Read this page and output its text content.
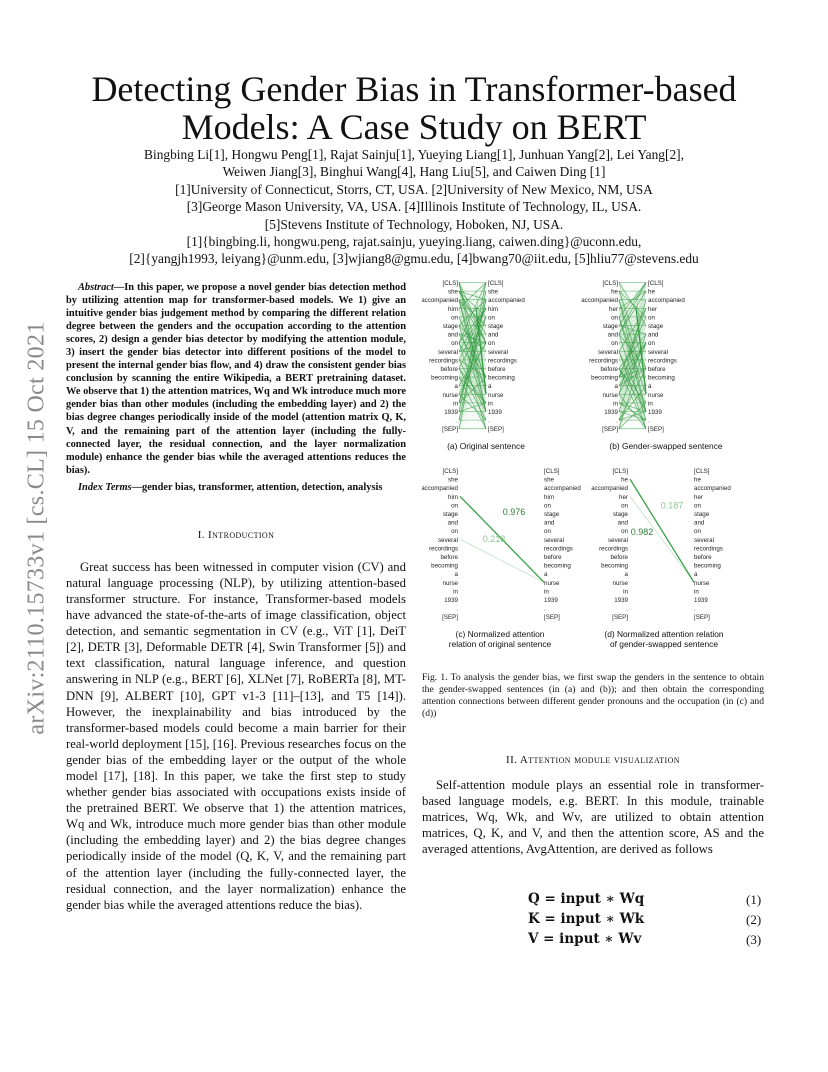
arXiv:2110.15733v1 [cs.CL] 15 Oct 2021
Detecting Gender Bias in Transformer-based
Models: A Case Study on BERT
Bingbing Li[1], Hongwu Peng[1], Rajat Sainju[1], Yueying Liang[1], Junhuan Yang[2], Lei Yang[2],
Weiwen Jiang[3], Binghui Wang[4], Hang Liu[5], and Caiwen Ding [1]
[1]University of Connecticut, Storrs, CT, USA. [2]University of New Mexico, NM, USA
[3]George Mason University, VA, USA. [4]Illinois Institute of Technology, IL, USA.
[5]Stevens Institute of Technology, Hoboken, NJ, USA.
[1]{bingbing.li, hongwu.peng, rajat.sainju, yueying.liang, caiwen.ding}@uconn.edu,
[2]{yangjh1993, leiyang}@unm.edu, [3]wjiang8@gmu.edu, [4]bwang70@iit.edu, [5]hliu77@stevens.edu

Abstract—In this paper, we propose a novel gender bias detection method by utilizing attention map for transformer-based models. We 1) give an intuitive gender bias judgement method by comparing the different relation degree between the genders and the occupation according to the attention scores, 2) design a gender bias detector by modifying the attention module, 3) insert the gender bias detector into different positions of the model to present the internal gender bias flow, and 4) draw the consistent gender bias conclusion by scanning the entire Wikipedia, a BERT pretraining dataset. We observe that 1) the attention matrices, Wq and Wk introduce much more gender bias than other modules (including the embedding layer) and 2) the bias degree changes periodically inside of the model (attention matrix Q, K, V, and the remaining part of the attention layer (including the fully-connected layer, the residual connection, and the layer normalization module) enhance the gender bias while the averaged attentions reduces the bias).

Index Terms—gender bias, transformer, attention, detection, analysis

I. Introduction
Great success has been witnessed in computer vision (CV) and natural language processing (NLP), by utilizing attention-based transformer structure. For instance, Transformer-based models have advanced the state-of-the-arts of image classification, object detection, and semantic segmentation in CV (e.g., ViT [1], DeiT [2], DETR [3], Deformable DETR [4], Swin Transformer [5]) and text classification, natural language inference, and question answering in NLP (e.g., BERT [6], XLNet [7], RoBERTa [8], MT-DNN [9], ALBERT [10], GPT v1-3 [11]–[13], and T5 [14]). However, the inexplainability and bias introduced by the transformer-based models could become a main barrier for their real-world deployment [15], [16]. Previous researches focus on the gender bias of the embedding layer or the output of the whole model [17], [18]. In this paper, we take the first step to study whether gender bias associated with occupations exists inside of the pretrained BERT. We observe that 1) the attention matrices, Wq and Wk, introduce much more gender bias than other module (including the embedding layer) and 2) the bias degree changes periodically inside of the model (Q, K, V, and the remaining part of the attention layer (including the fully-connected layer, the residual connection, and the layer normalization) enhance the gender bias while the averaged attentions reduce the bias).
[CLS]	[CLS]
she	she
accompanied	accompanied
him	him
on	on
stage	stage
and	and
on	on
several	several
recordings	recordings
before	before
becoming	becoming
a	a
nurse	nurse
in	in
1939	1939
.	.
[SEP]	[SEP]
(a) Original sentence
[CLS]	[CLS]
he	he
accompanied	accompanied
her	her
on	on
stage	stage
and	and
on	on
several	several
recordings	recordings
before	before
becoming	becoming
a	a
nurse	nurse
in	in
1939	1939
.	.
[SEP]	[SEP]
(b) Gender-swapped sentence
[CLS]	[CLS]
she	she
accompanied	accompanied
him	him
on	on
stage	stage
and	and
on	on
several	several
recordings	recordings
before	before
becoming	becoming
a	a
nurse	nurse
in	in
1939	1939
.	.
[SEP]	[SEP]
0.976
0.218
(c) Normalized attention
relation of original sentence
[CLS]	[CLS]
he	he
accompanied	accompanied
her	her
on	on
stage	stage
and	and
on	on
several	several
recordings	recordings
before	before
becoming	becoming
a	a
nurse	nurse
in	in
1939	1939
.	.
[SEP]	[SEP]
0.982
0.187
(d) Normalized attention relation
of gender-swapped sentence
Fig. 1. To analysis the gender bias, we first swap the genders in the sentence to obtain the gender-swapped sentences (in (a) and (b)); and then obtain the corresponding attention connections between different gender pronouns and the occupation (in (c) and (d))
II. Attention module visualization
Self-attention module plays an essential role in transformer-based language models, e.g. BERT. In this module, trainable matrices, Wq, Wk, and Wv, are utilized to obtain attention matrices, Q, K, and V, and then the attention score, AS and the averaged attentions, AvgAttention, are derived as follows
Q = input ∗ Wq	(1)
K = input ∗ Wk	(2)
V = input ∗ Wv	(3)
